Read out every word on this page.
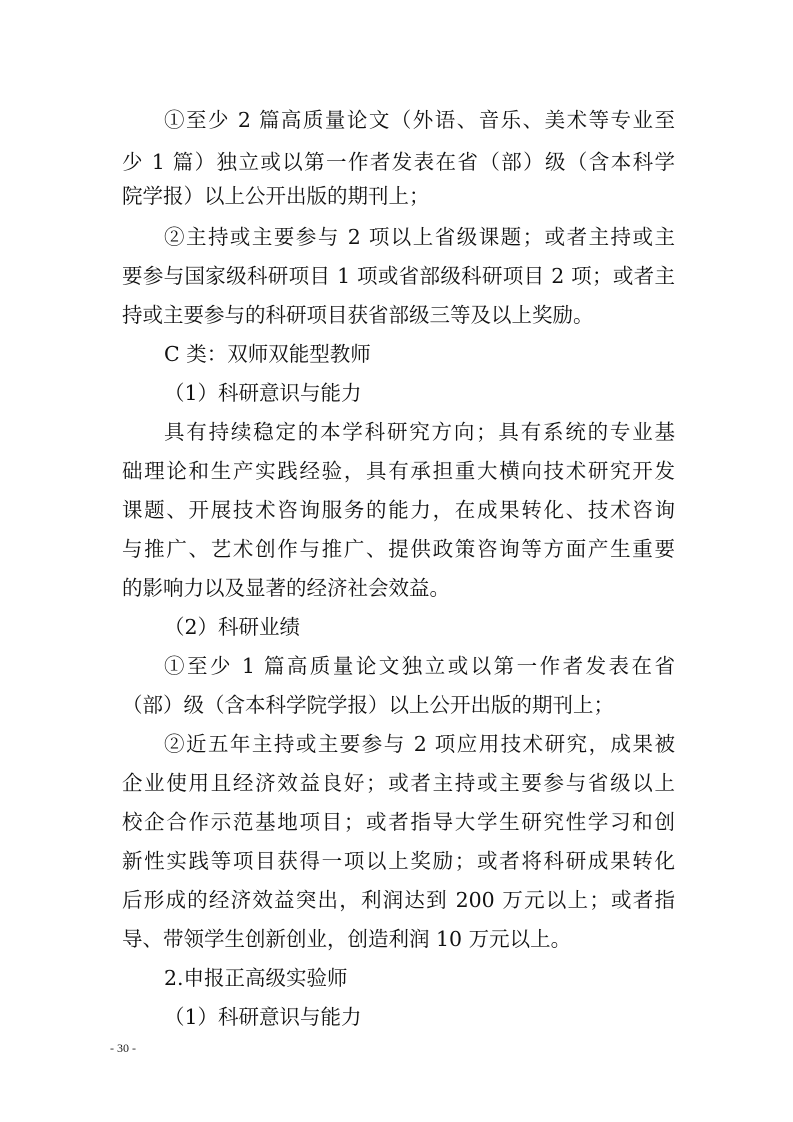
①至少 2 篇高质量论文（外语、音乐、美术等专业至
少 1 篇）独立或以第一作者发表在省（部）级（含本科学
院学报）以上公开出版的期刊上；
②主持或主要参与 2 项以上省级课题；或者主持或主
要参与国家级科研项目 1 项或省部级科研项目 2 项；或者主
持或主要参与的科研项目获省部级三等及以上奖励。
C 类：双师双能型教师
（1）科研意识与能力
具有持续稳定的本学科研究方向；具有系统的专业基
础理论和生产实践经验，具有承担重大横向技术研究开发
课题、开展技术咨询服务的能力，在成果转化、技术咨询
与推广、艺术创作与推广、提供政策咨询等方面产生重要
的影响力以及显著的经济社会效益。
（2）科研业绩
①至少 1 篇高质量论文独立或以第一作者发表在省
（部）级（含本科学院学报）以上公开出版的期刊上；
②近五年主持或主要参与 2 项应用技术研究，成果被
企业使用且经济效益良好；或者主持或主要参与省级以上
校企合作示范基地项目；或者指导大学生研究性学习和创
新性实践等项目获得一项以上奖励；或者将科研成果转化
后形成的经济效益突出，利润达到 200 万元以上；或者指
导、带领学生创新创业，创造利润 10 万元以上。
2.申报正高级实验师
（1）科研意识与能力
- 30 -
